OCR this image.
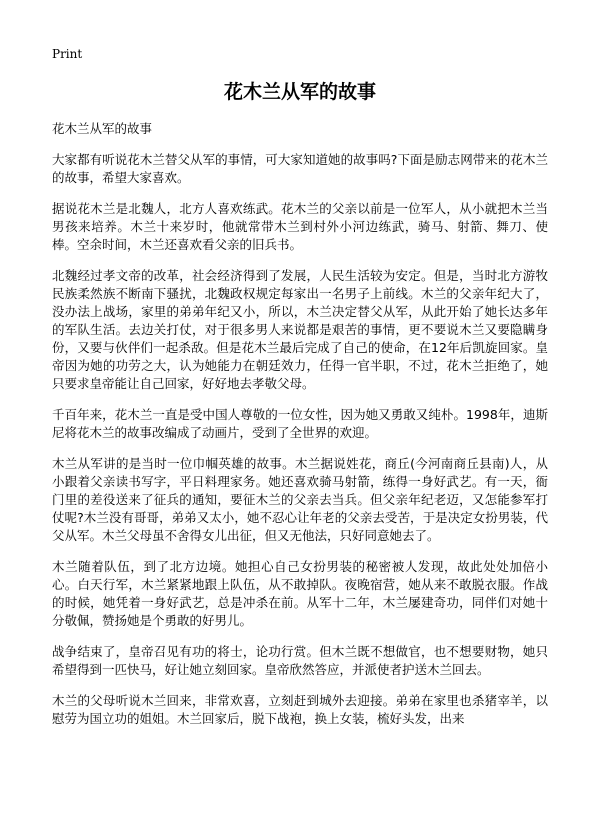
Print
花木兰从军的故事

花木兰从军的故事

大家都有听说花木兰替父从军的事情，可大家知道她的故事吗?下面是励志网带来的花木兰的故事，希望大家喜欢。

据说花木兰是北魏人，北方人喜欢练武。花木兰的父亲以前是一位军人，从小就把木兰当男孩来培养。木兰十来岁时，他就常带木兰到村外小河边练武，骑马、射箭、舞刀、使棒。空余时间，木兰还喜欢看父亲的旧兵书。

北魏经过孝文帝的改革，社会经济得到了发展，人民生活较为安定。但是，当时北方游牧民族柔然族不断南下骚扰，北魏政权规定每家出一名男子上前线。木兰的父亲年纪大了，没办法上战场，家里的弟弟年纪又小，所以，木兰决定替父从军，从此开始了她长达多年的军队生活。去边关打仗，对于很多男人来说都是艰苦的事情，更不要说木兰又要隐瞒身份，又要与伙伴们一起杀敌。但是花木兰最后完成了自己的使命，在12年后凯旋回家。皇帝因为她的功劳之大，认为她能力在朝廷效力，任得一官半职，不过，花木兰拒绝了，她只要求皇帝能让自己回家，好好地去孝敬父母。

千百年来，花木兰一直是受中国人尊敬的一位女性，因为她又勇敢又纯朴。1998年，迪斯尼将花木兰的故事改编成了动画片，受到了全世界的欢迎。

木兰从军讲的是当时一位巾帼英雄的故事。木兰据说姓花，商丘(今河南商丘县南)人，从小跟着父亲读书写字，平日料理家务。她还喜欢骑马射箭，练得一身好武艺。有一天，衙门里的差役送来了征兵的通知，要征木兰的父亲去当兵。但父亲年纪老迈，又怎能参军打仗呢?木兰没有哥哥，弟弟又太小，她不忍心让年老的父亲去受苦，于是决定女扮男装，代父从军。木兰父母虽不舍得女儿出征，但又无他法，只好同意她去了。

木兰随着队伍，到了北方边境。她担心自己女扮男装的秘密被人发现，故此处处加倍小心。白天行军，木兰紧紧地跟上队伍，从不敢掉队。夜晚宿营，她从来不敢脱衣服。作战的时候，她凭着一身好武艺，总是冲杀在前。从军十二年，木兰屡建奇功，同伴们对她十分敬佩，赞扬她是个勇敢的好男儿。

战争结束了，皇帝召见有功的将士，论功行赏。但木兰既不想做官，也不想要财物，她只希望得到一匹快马，好让她立刻回家。皇帝欣然答应，并派使者护送木兰回去。

木兰的父母听说木兰回来，非常欢喜，立刻赶到城外去迎接。弟弟在家里也杀猪宰羊，以慰劳为国立功的姐姐。木兰回家后，脱下战袍，换上女装，梳好头发，出来
